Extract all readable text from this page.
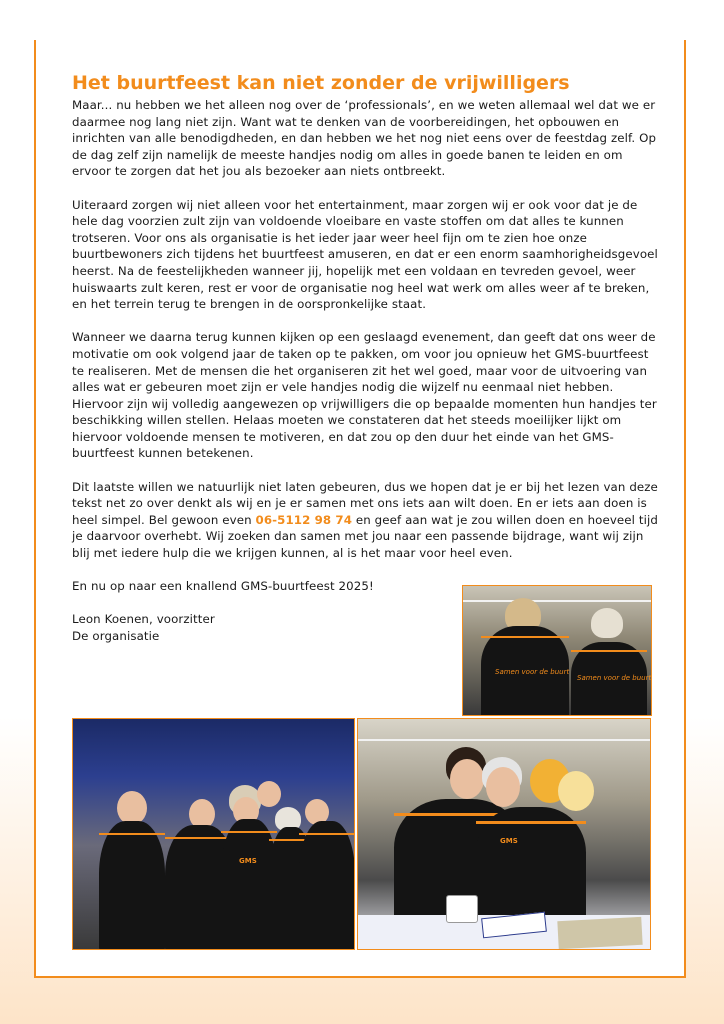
Het buurtfeest kan niet zonder de vrijwilligers

Maar... nu hebben we het alleen nog over de ‘professionals’, en we weten allemaal wel dat we er daarmee nog lang niet zijn. Want wat te denken van de voorbereidingen, het opbouwen en inrichten van alle benodigdheden, en dan hebben we het nog niet eens over de feestdag zelf. Op de dag zelf zijn namelijk de meeste handjes nodig om alles in goede banen te leiden en om ervoor te zorgen dat het jou als bezoeker aan niets ontbreekt.

Uiteraard zorgen wij niet alleen voor het entertainment, maar zorgen wij er ook voor dat je de hele dag voorzien zult zijn van voldoende vloeibare en vaste stoffen om dat alles te kunnen trotseren. Voor ons als organisatie is het ieder jaar weer heel fijn om te zien hoe onze buurtbewoners zich tijdens het buurtfeest amuseren, en dat er een enorm saamhorigheidsgevoel heerst. Na de feestelijkheden wanneer jij, hopelijk met een voldaan en tevreden gevoel, weer huiswaarts zult keren, rest er voor de organisatie nog heel wat werk om alles weer af te breken, en het terrein terug te brengen in de oorspronkelijke staat.

Wanneer we daarna terug kunnen kijken op een geslaagd evenement, dan geeft dat ons weer de motivatie om ook volgend jaar de taken op te pakken, om voor jou opnieuw het GMS-buurtfeest te realiseren. Met de mensen die het organiseren zit het wel goed, maar voor de uitvoering van alles wat er gebeuren moet zijn er vele handjes nodig die wijzelf nu eenmaal niet hebben. Hiervoor zijn wij volledig aangewezen op vrijwilligers die op bepaalde momenten hun handjes ter beschikking willen stellen. Helaas moeten we constateren dat het steeds moeilijker lijkt om hiervoor voldoende mensen te motiveren, en dat zou op den duur het einde van het GMS-buurtfeest kunnen betekenen.

Dit laatste willen we natuurlijk niet laten gebeuren, dus we hopen dat je er bij het lezen van deze tekst net zo over denkt als wij en je er samen met ons iets aan wilt doen. En er iets aan doen is heel simpel. Bel gewoon even 06-5112 98 74 en geef aan wat je zou willen doen en hoeveel tijd je daarvoor overhebt. Wij zoeken dan samen met jou naar een passende bijdrage, want wij zijn blij met iedere hulp die we krijgen kunnen, al is het maar voor heel even.

En nu op naar een knallend GMS-buurtfeest 2025!

Leon Koenen, voorzitter
De organisatie
Samen voor de buurt
Samen voor de buurt
GMS
GMS
